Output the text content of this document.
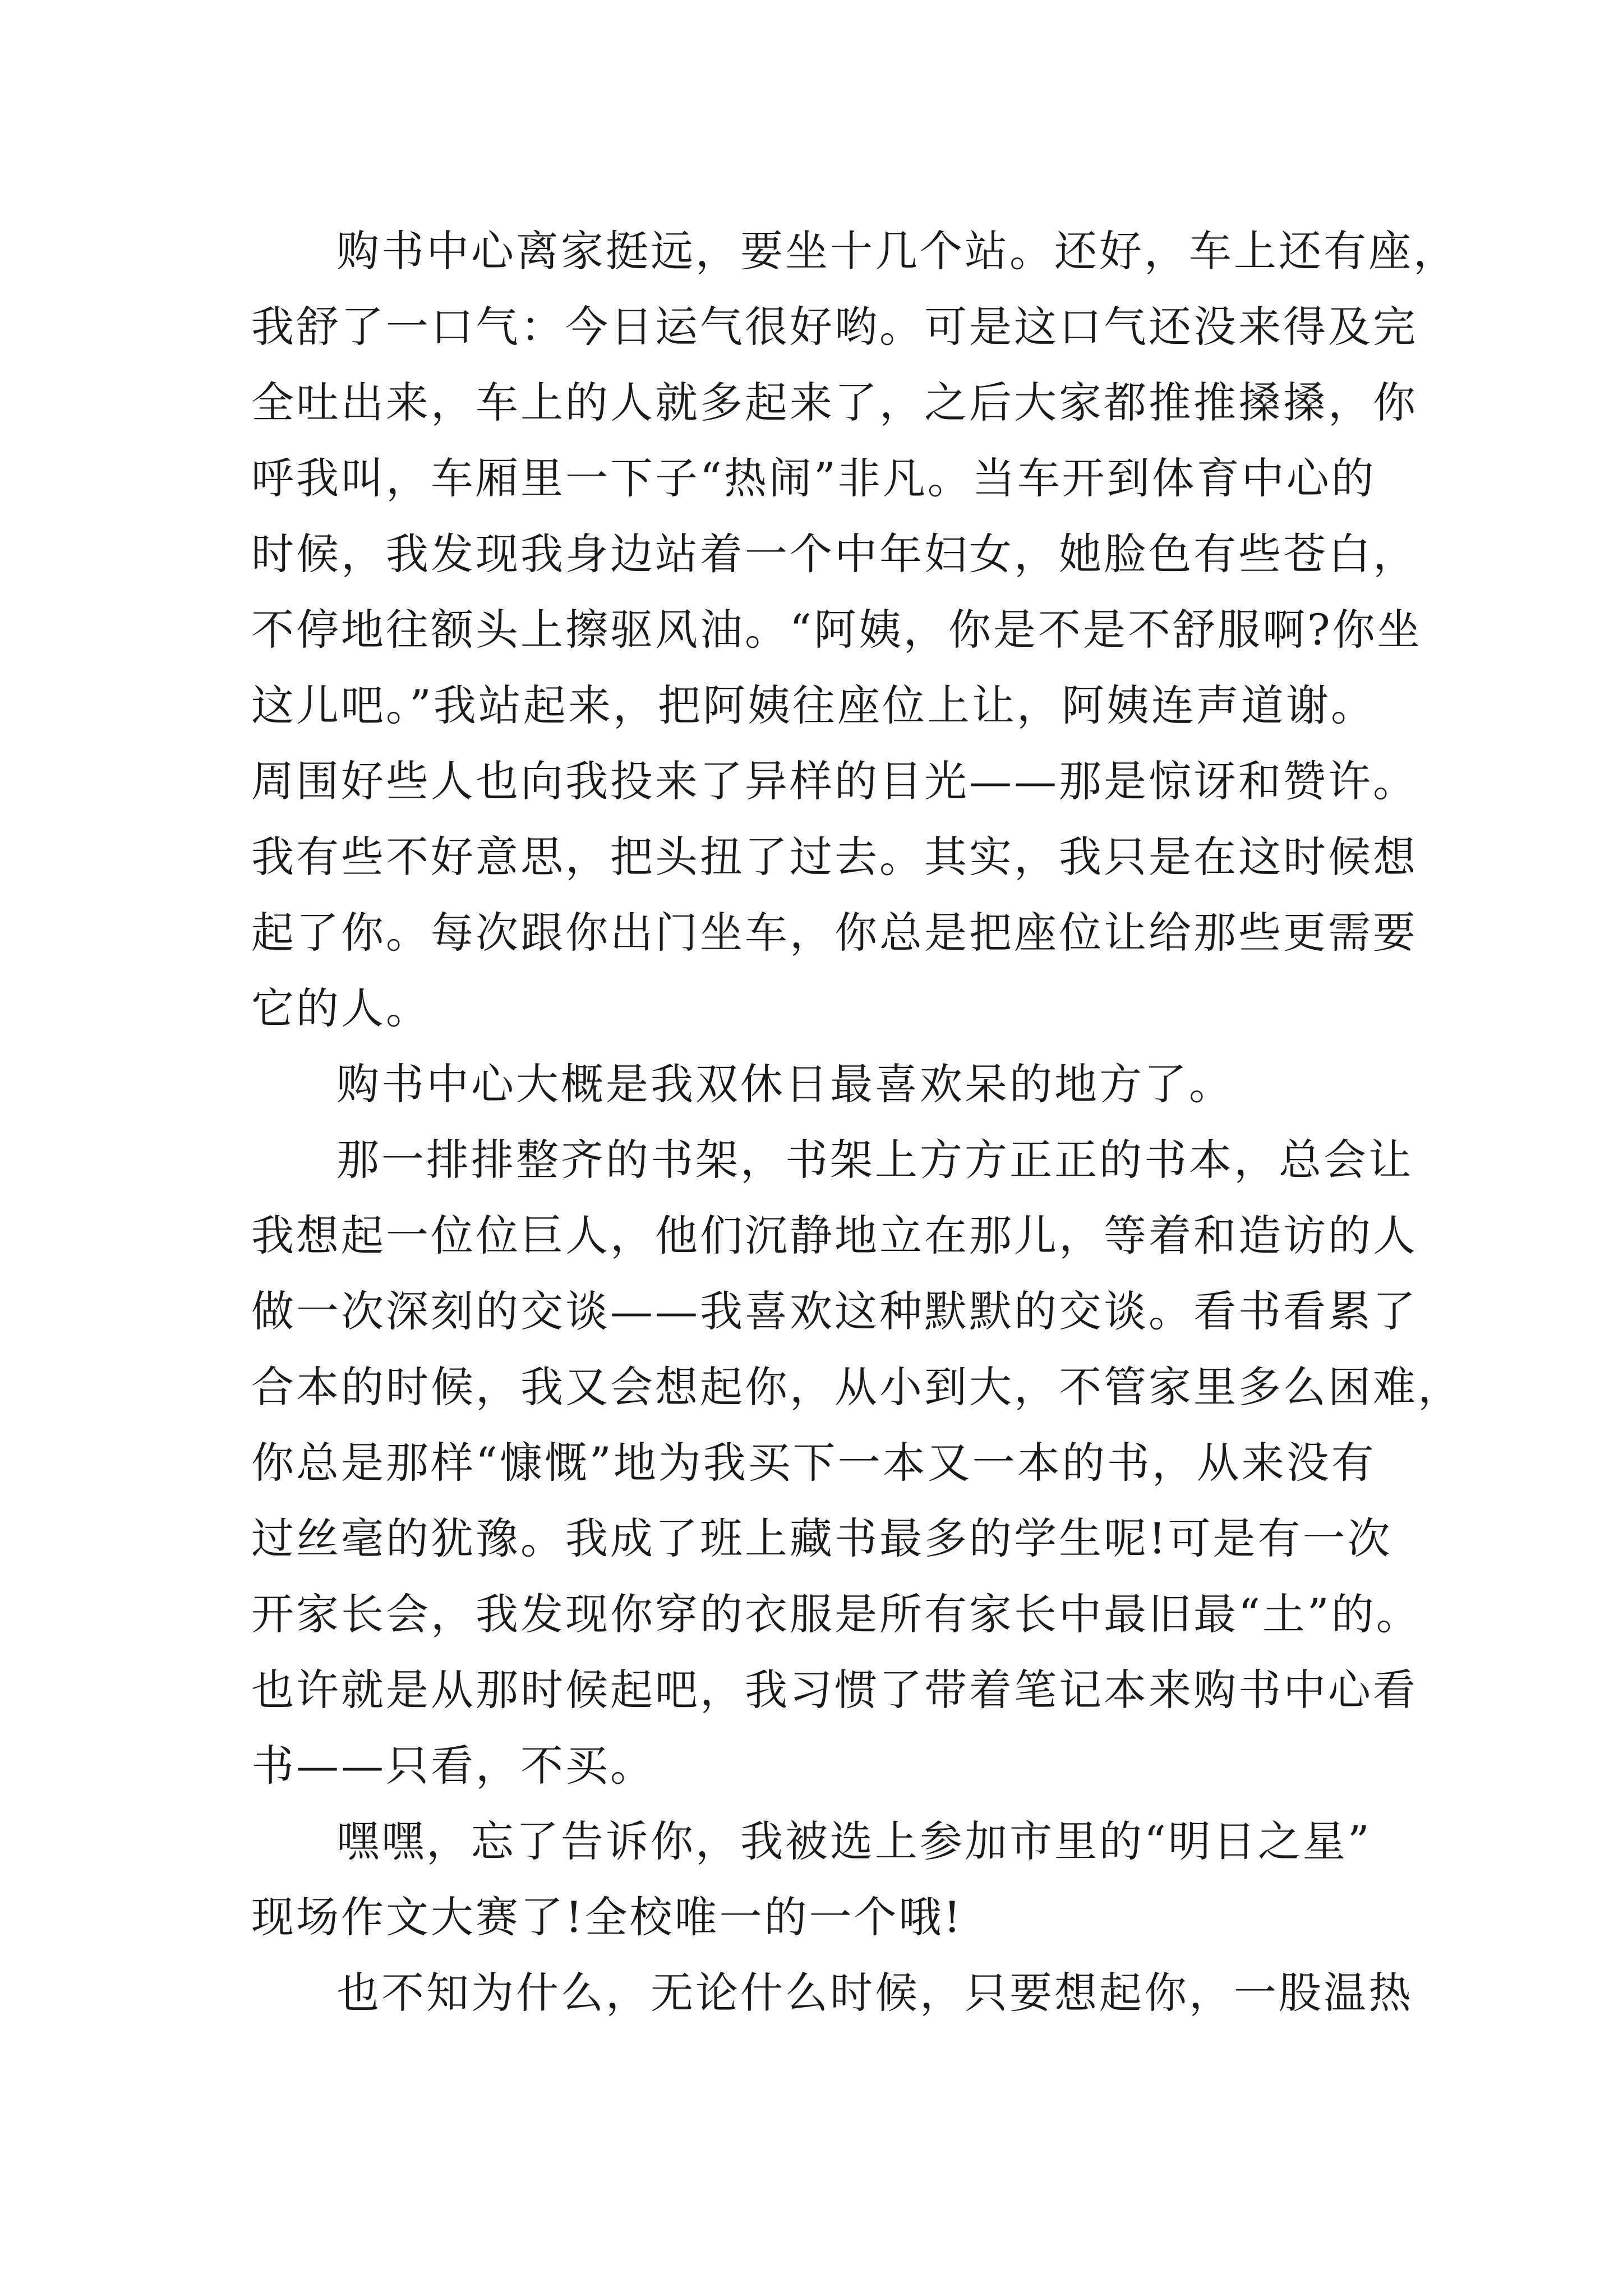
购书中心离家挺远，要坐十几个站。还好，车上还有座，
我舒了一口气：今日运气很好哟。可是这口气还没来得及完
全吐出来，车上的人就多起来了，之后大家都推推搡搡，你
呼我叫，车厢里一下子“热闹”非凡。当车开到体育中心的
时候，我发现我身边站着一个中年妇女，她脸色有些苍白，
不停地往额头上擦驱风油。“阿姨，你是不是不舒服啊?你坐
这儿吧。”我站起来，把阿姨往座位上让，阿姨连声道谢。
周围好些人也向我投来了异样的目光——那是惊讶和赞许。
我有些不好意思，把头扭了过去。其实，我只是在这时候想
起了你。每次跟你出门坐车，你总是把座位让给那些更需要
它的人。
购书中心大概是我双休日最喜欢呆的地方了。
那一排排整齐的书架，书架上方方正正的书本，总会让
我想起一位位巨人，他们沉静地立在那儿，等着和造访的人
做一次深刻的交谈——我喜欢这种默默的交谈。看书看累了
合本的时候，我又会想起你，从小到大，不管家里多么困难，
你总是那样“慷慨”地为我买下一本又一本的书，从来没有
过丝毫的犹豫。我成了班上藏书最多的学生呢!可是有一次
开家长会，我发现你穿的衣服是所有家长中最旧最“土”的。
也许就是从那时候起吧，我习惯了带着笔记本来购书中心看
书——只看，不买。
嘿嘿，忘了告诉你，我被选上参加市里的“明日之星”
现场作文大赛了!全校唯一的一个哦!
也不知为什么，无论什么时候，只要想起你，一股温热
